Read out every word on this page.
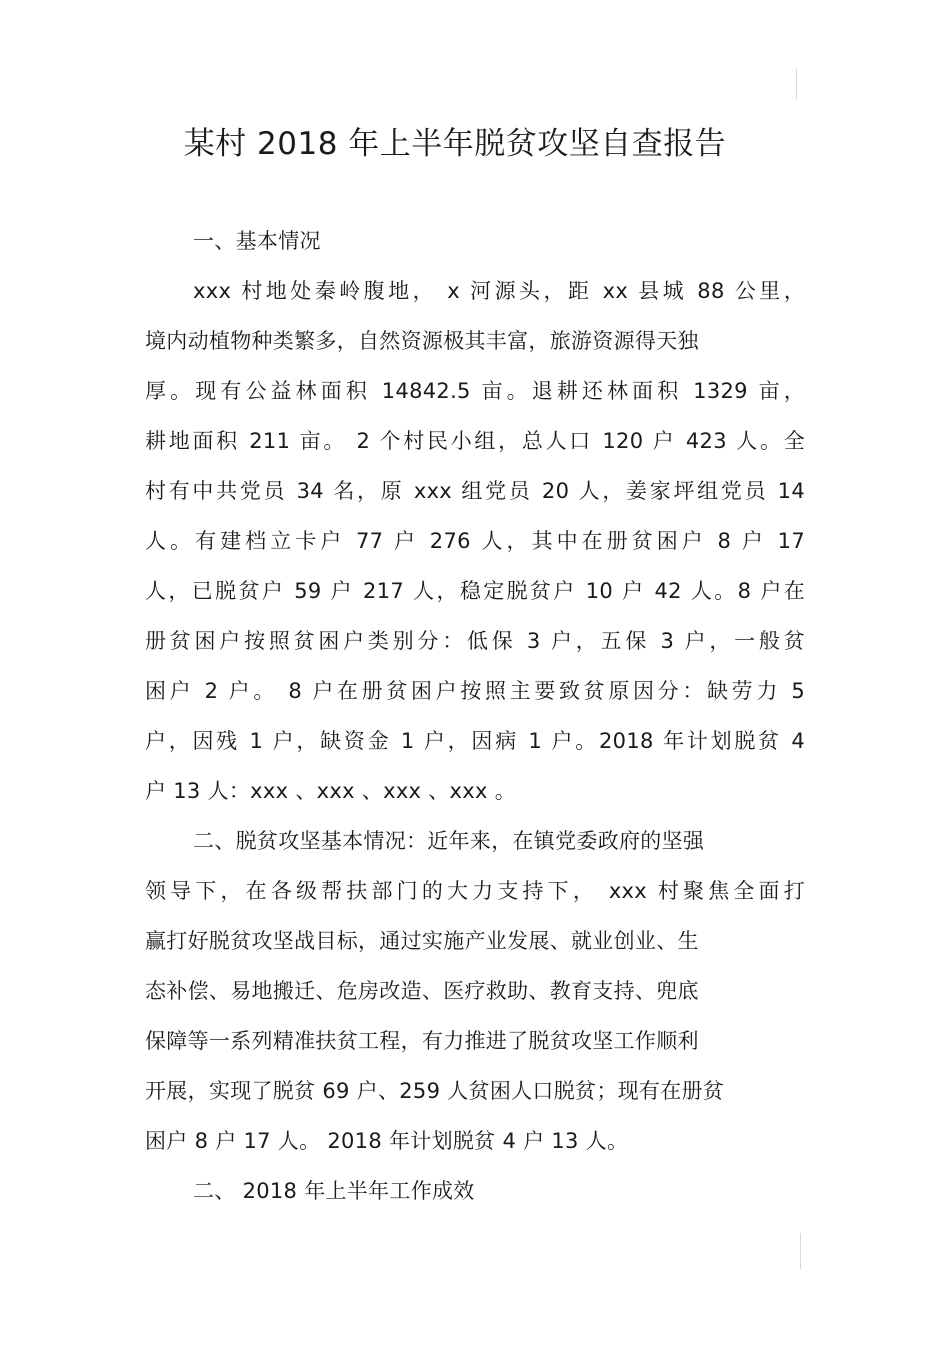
某村 2018 年上半年脱贫攻坚自查报告
一、基本情况
xxx 村地处秦岭腹地， x 河源头，距 xx 县城 88 公里，
境内动植物种类繁多，自然资源极其丰富，旅游资源得天独
厚。现有公益林面积 14842.5 亩。退耕还林面积 1329 亩，
耕地面积 211 亩。 2 个村民小组，总人口 120 户 423 人。全
村有中共党员 34 名，原 xxx 组党员 20 人，姜家坪组党员 14
人。有建档立卡户 77 户 276 人，其中在册贫困户 8 户 17
人，已脱贫户 59 户 217 人，稳定脱贫户 10 户 42 人。8 户在
册贫困户按照贫困户类别分：低保 3 户，五保 3 户，一般贫
困户 2 户。 8 户在册贫困户按照主要致贫原因分：缺劳力 5
户，因残 1 户，缺资金 1 户，因病 1 户。2018 年计划脱贫 4
户 13 人：xxx 、xxx 、xxx 、xxx 。
二、脱贫攻坚基本情况：近年来，在镇党委政府的坚强
领导下，在各级帮扶部门的大力支持下， xxx 村聚焦全面打
赢打好脱贫攻坚战目标，通过实施产业发展、就业创业、生
态补偿、易地搬迁、危房改造、医疗救助、教育支持、兜底
保障等一系列精准扶贫工程，有力推进了脱贫攻坚工作顺利
开展，实现了脱贫 69 户、259 人贫困人口脱贫；现有在册贫
困户 8 户 17 人。 2018 年计划脱贫 4 户 13 人。
二、 2018 年上半年工作成效
